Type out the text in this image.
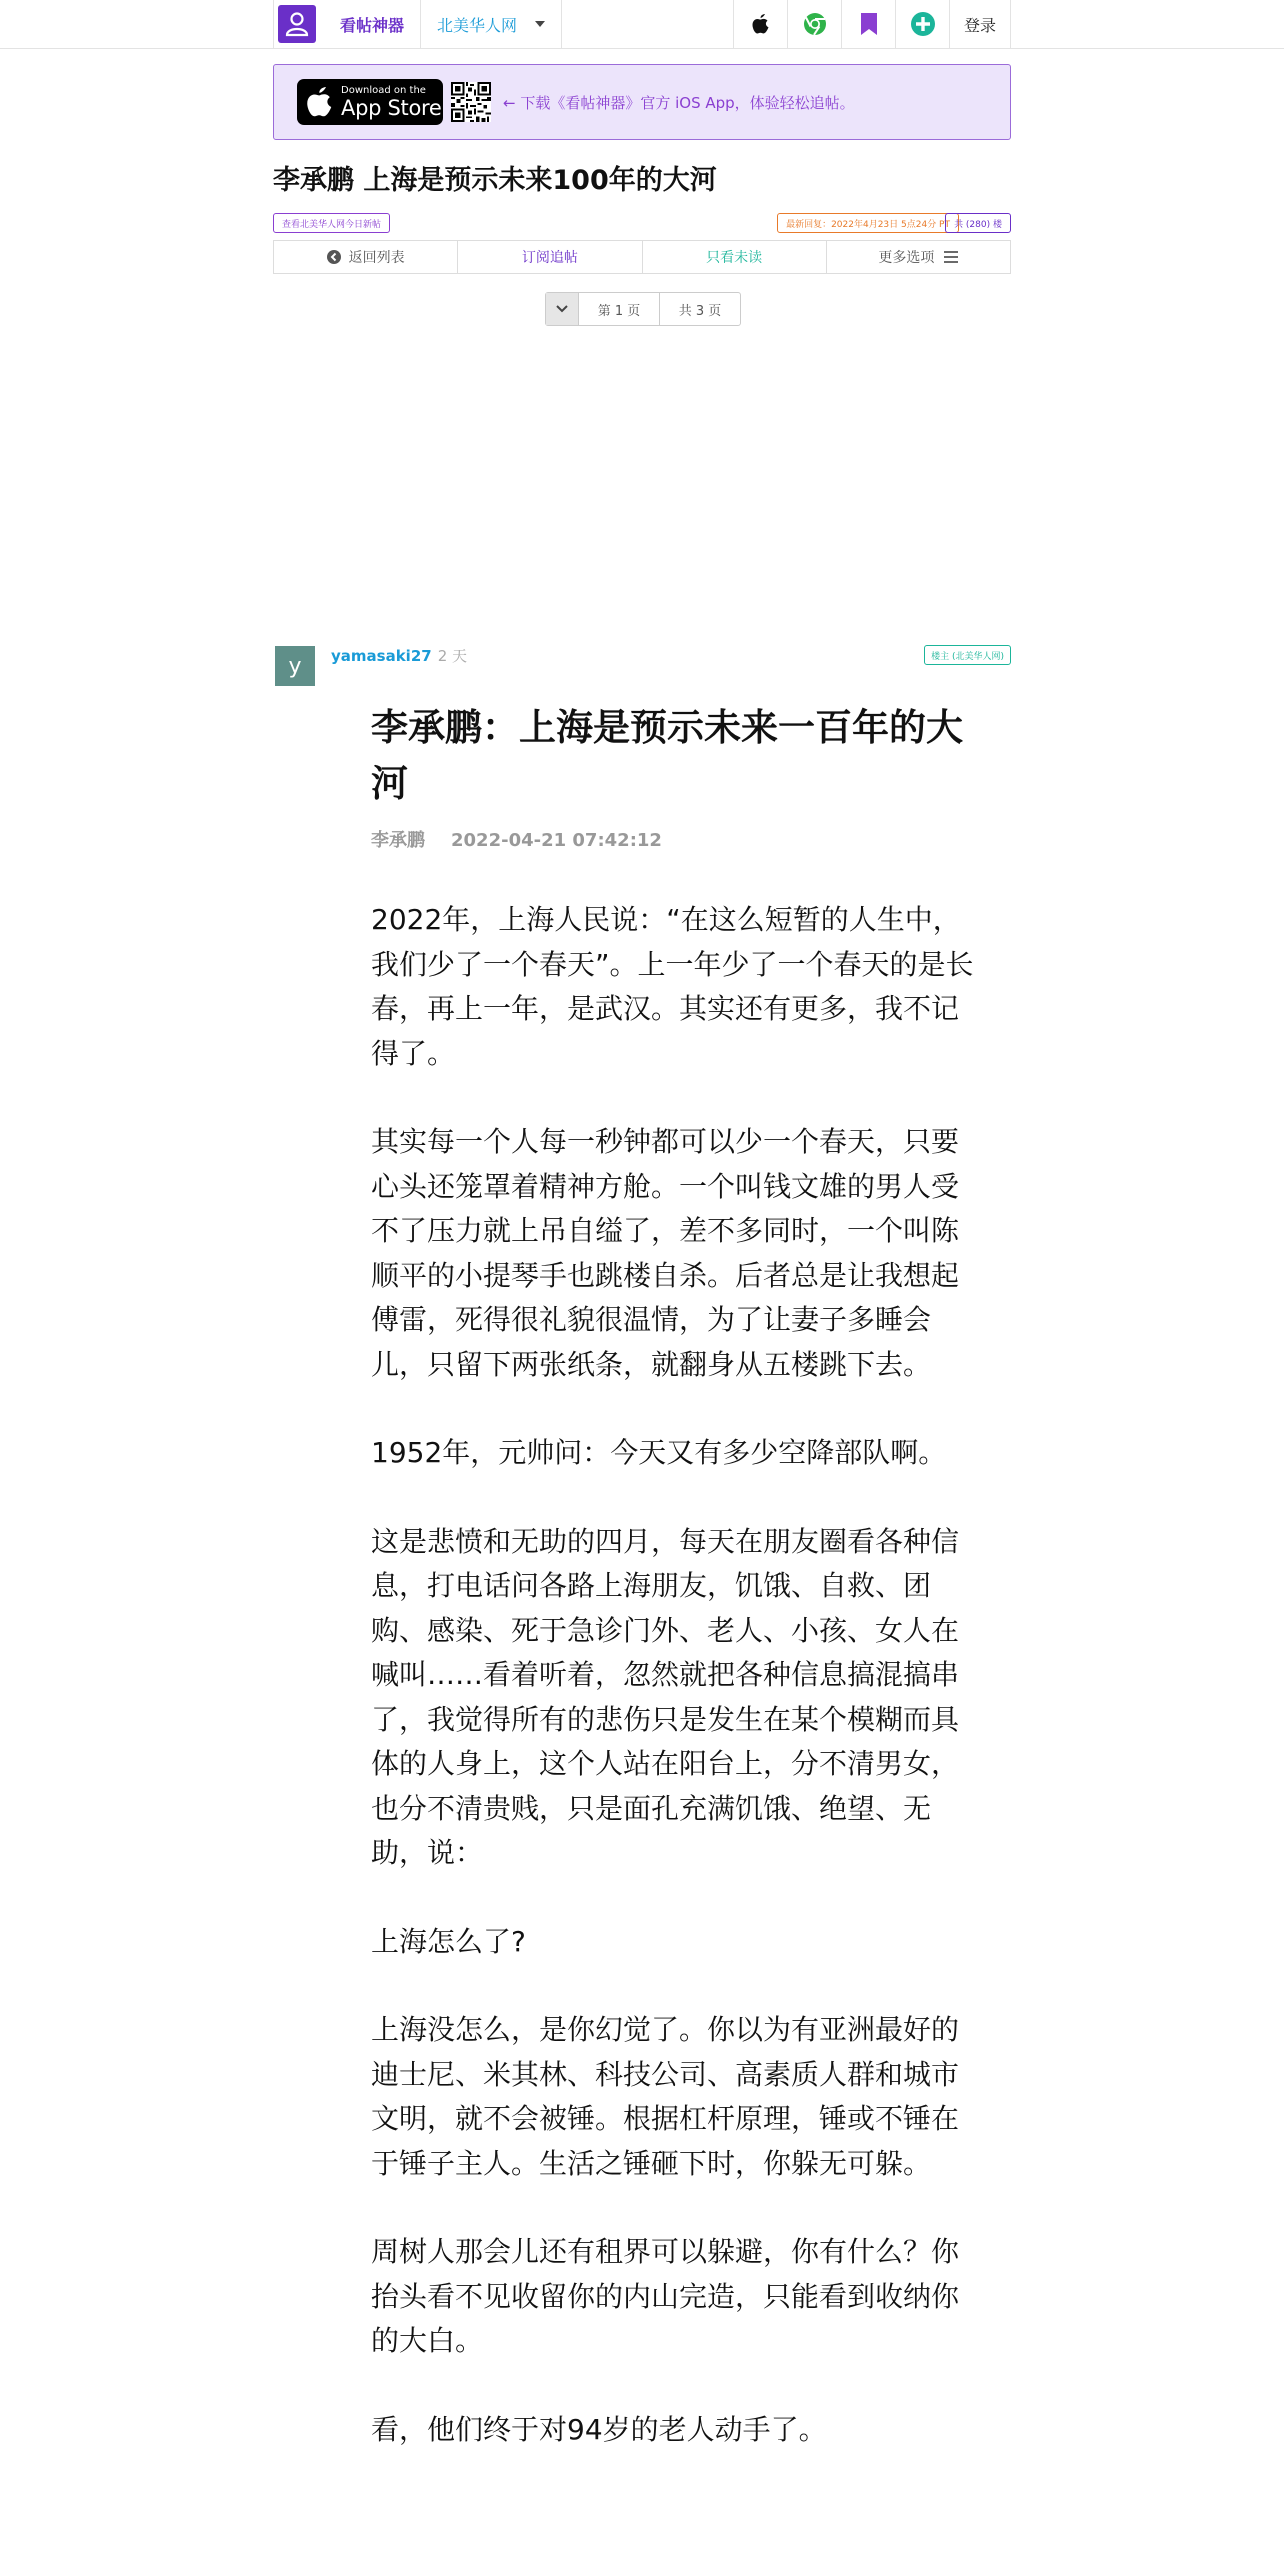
看帖神器 北美华人网	登录
Download on the
App Store	← 下载《看帖神器》官方 iOS App，体验轻松追帖。
李承鹏 上海是预示未来100年的大河
查看北美华人网今日新帖	最新回复：2022年4月23日 5点24分 PT 共 (280) 楼
返回列表	订阅追帖	只看未读	更多选项
第 1 页	共 3 页
y	yamasaki27 2 天	楼主 (北美华人网)
李承鹏：上海是预示未来一百年的大河
李承鹏 2022-04-21 07:42:12

2022年，上海人民说：“在这么短暂的人生中，我们少了一个春天”。上一年少了一个春天的是长春，再上一年，是武汉。其实还有更多，我不记得了。

其实每一个人每一秒钟都可以少一个春天，只要心头还笼罩着精神方舱。一个叫钱文雄的男人受不了压力就上吊自缢了，差不多同时，一个叫陈顺平的小提琴手也跳楼自杀。后者总是让我想起傅雷，死得很礼貌很温情，为了让妻子多睡会儿，只留下两张纸条，就翻身从五楼跳下去。

1952年，元帅问：今天又有多少空降部队啊。

这是悲愤和无助的四月，每天在朋友圈看各种信息，打电话问各路上海朋友，饥饿、自救、团购、感染、死于急诊门外、老人、小孩、女人在喊叫……看着听着，忽然就把各种信息搞混搞串了，我觉得所有的悲伤只是发生在某个模糊而具体的人身上，这个人站在阳台上，分不清男女，也分不清贵贱，只是面孔充满饥饿、绝望、无助，说：

上海怎么了?

上海没怎么，是你幻觉了。你以为有亚洲最好的迪士尼、米其林、科技公司、高素质人群和城市文明，就不会被锤。根据杠杆原理，锤或不锤在于锤子主人。生活之锤砸下时，你躲无可躲。

周树人那会儿还有租界可以躲避，你有什么？你抬头看不见收留你的内山完造，只能看到收纳你的大白。

看，他们终于对94岁的老人动手了。
